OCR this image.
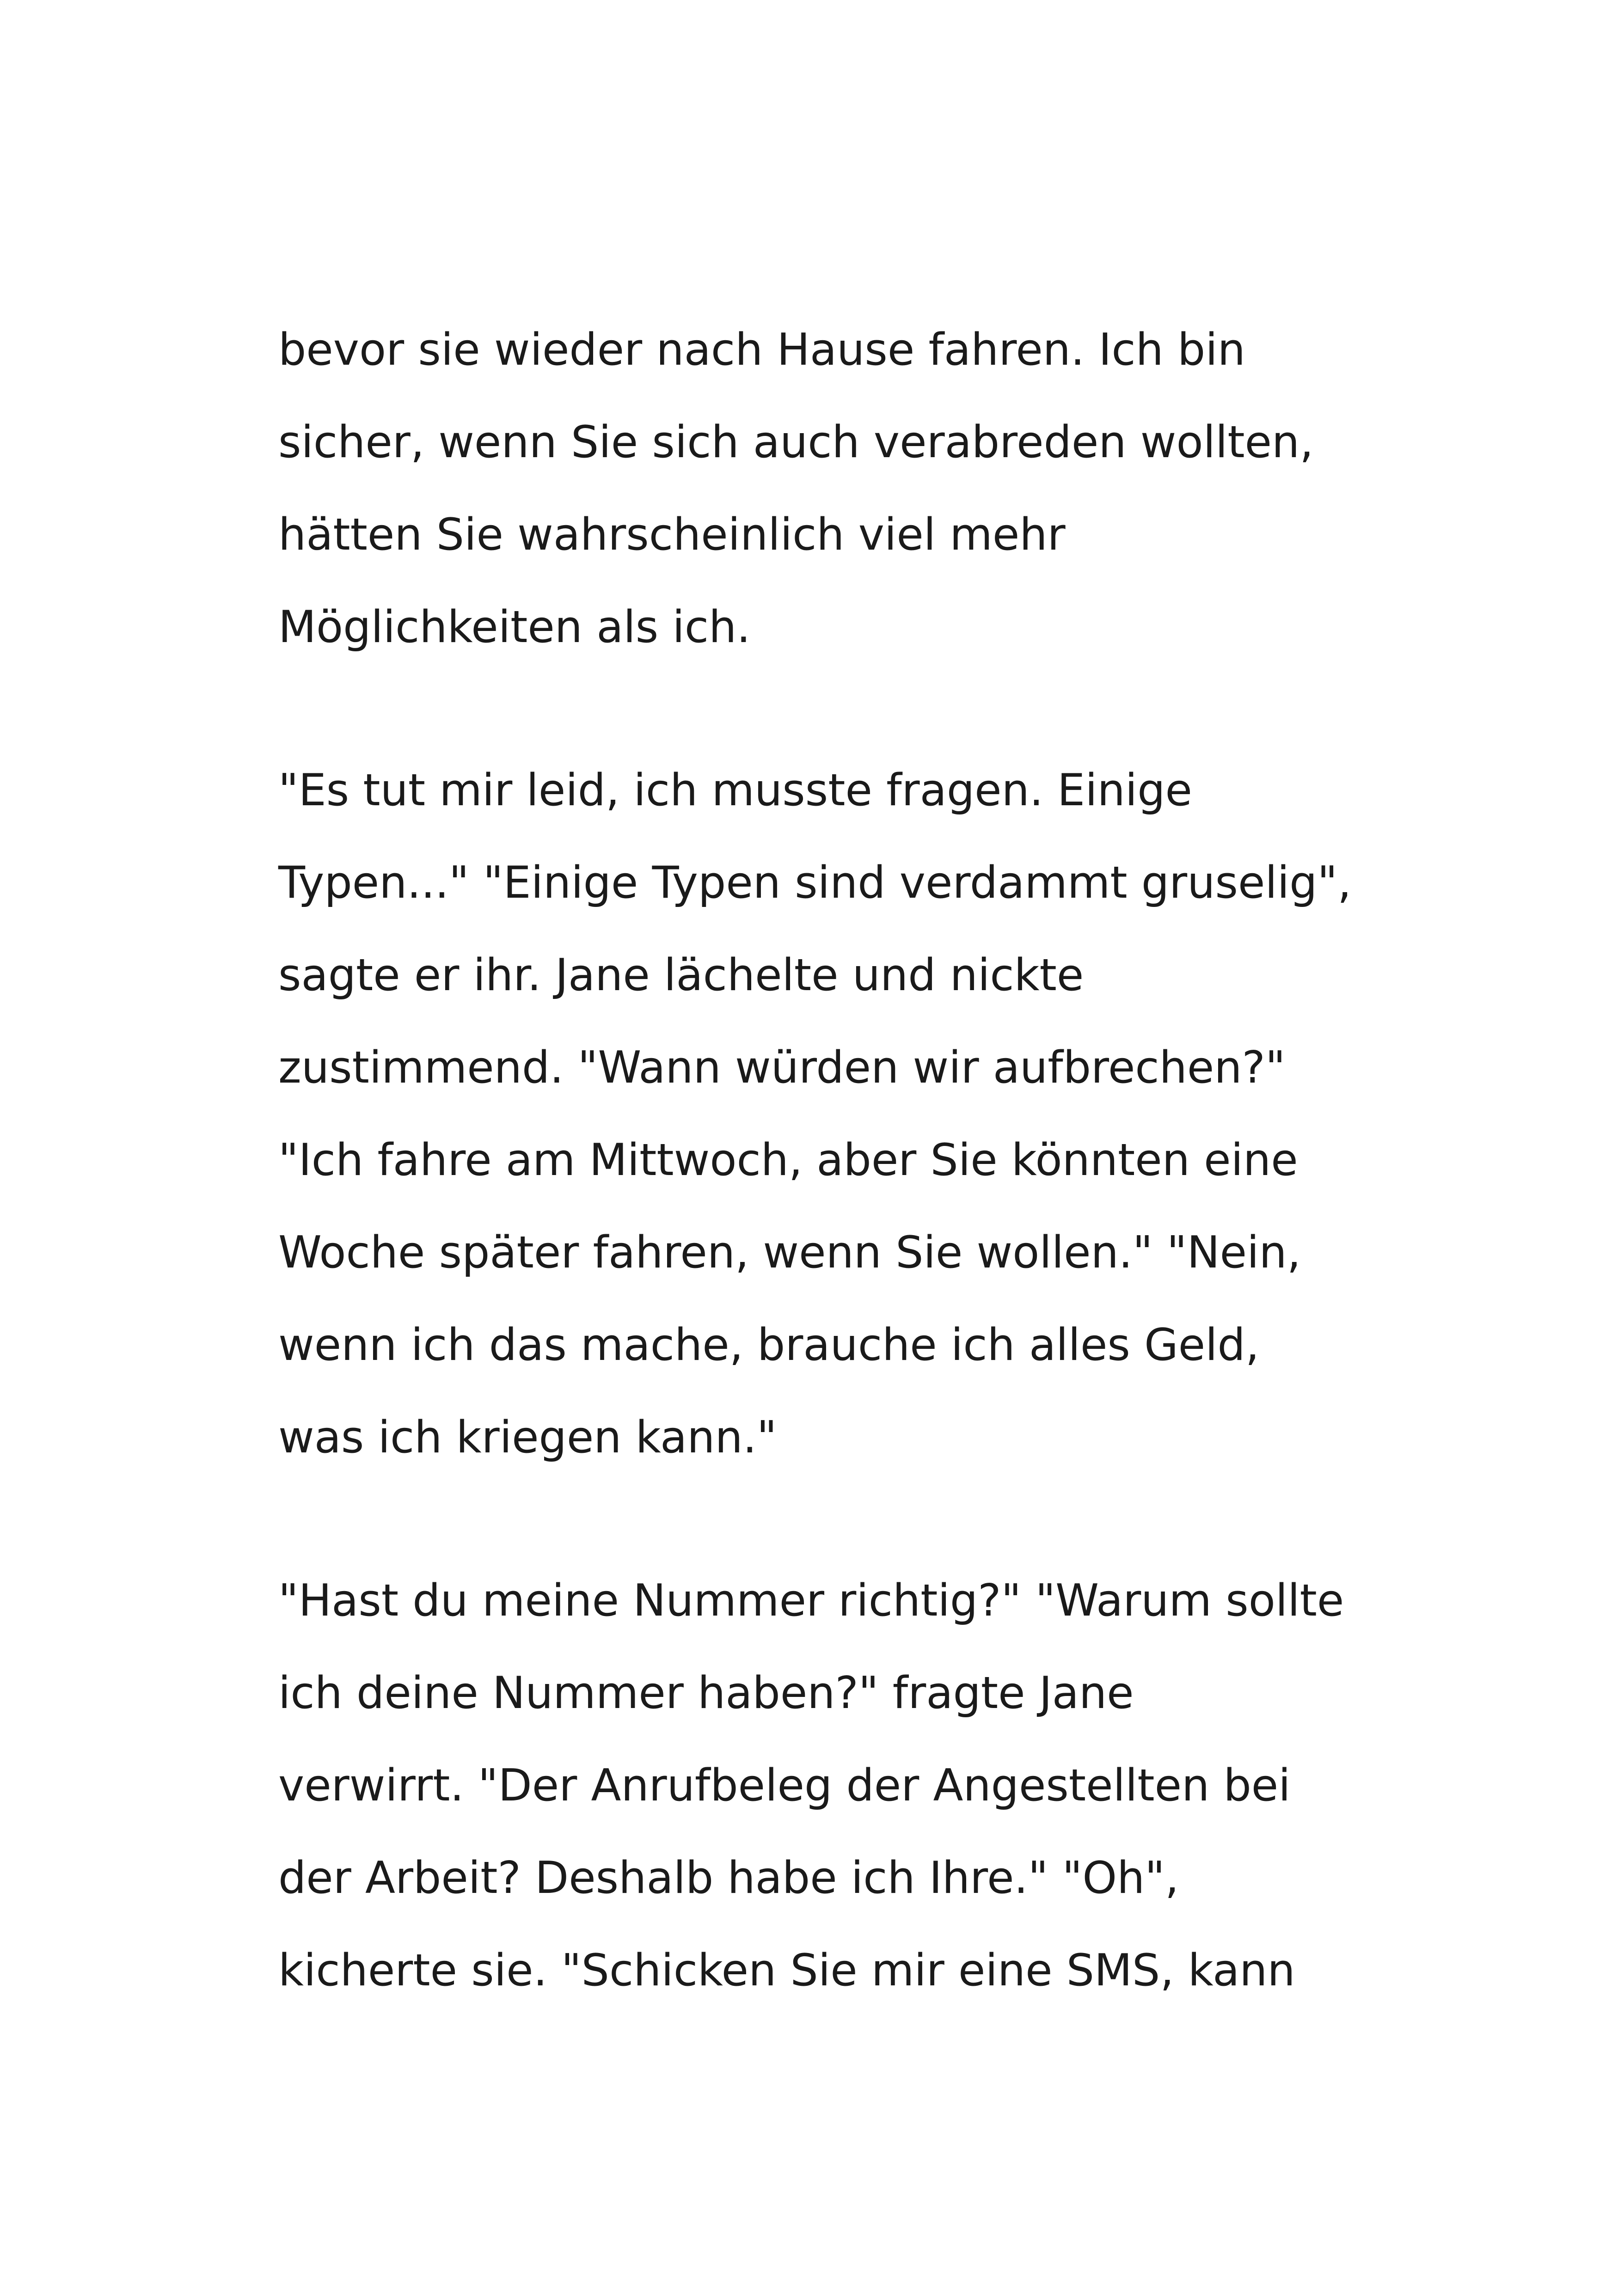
bevor sie wieder nach Hause fahren. Ich bin
sicher, wenn Sie sich auch verabreden wollten,
hätten Sie wahrscheinlich viel mehr
Möglichkeiten als ich.

"Es tut mir leid, ich musste fragen. Einige
Typen..." "Einige Typen sind verdammt gruselig",
sagte er ihr. Jane lächelte und nickte
zustimmend. "Wann würden wir aufbrechen?"
"Ich fahre am Mittwoch, aber Sie könnten eine
Woche später fahren, wenn Sie wollen." "Nein,
wenn ich das mache, brauche ich alles Geld,
was ich kriegen kann."

"Hast du meine Nummer richtig?" "Warum sollte
ich deine Nummer haben?" fragte Jane
verwirrt. "Der Anrufbeleg der Angestellten bei
der Arbeit? Deshalb habe ich Ihre." "Oh",
kicherte sie. "Schicken Sie mir eine SMS, kann
